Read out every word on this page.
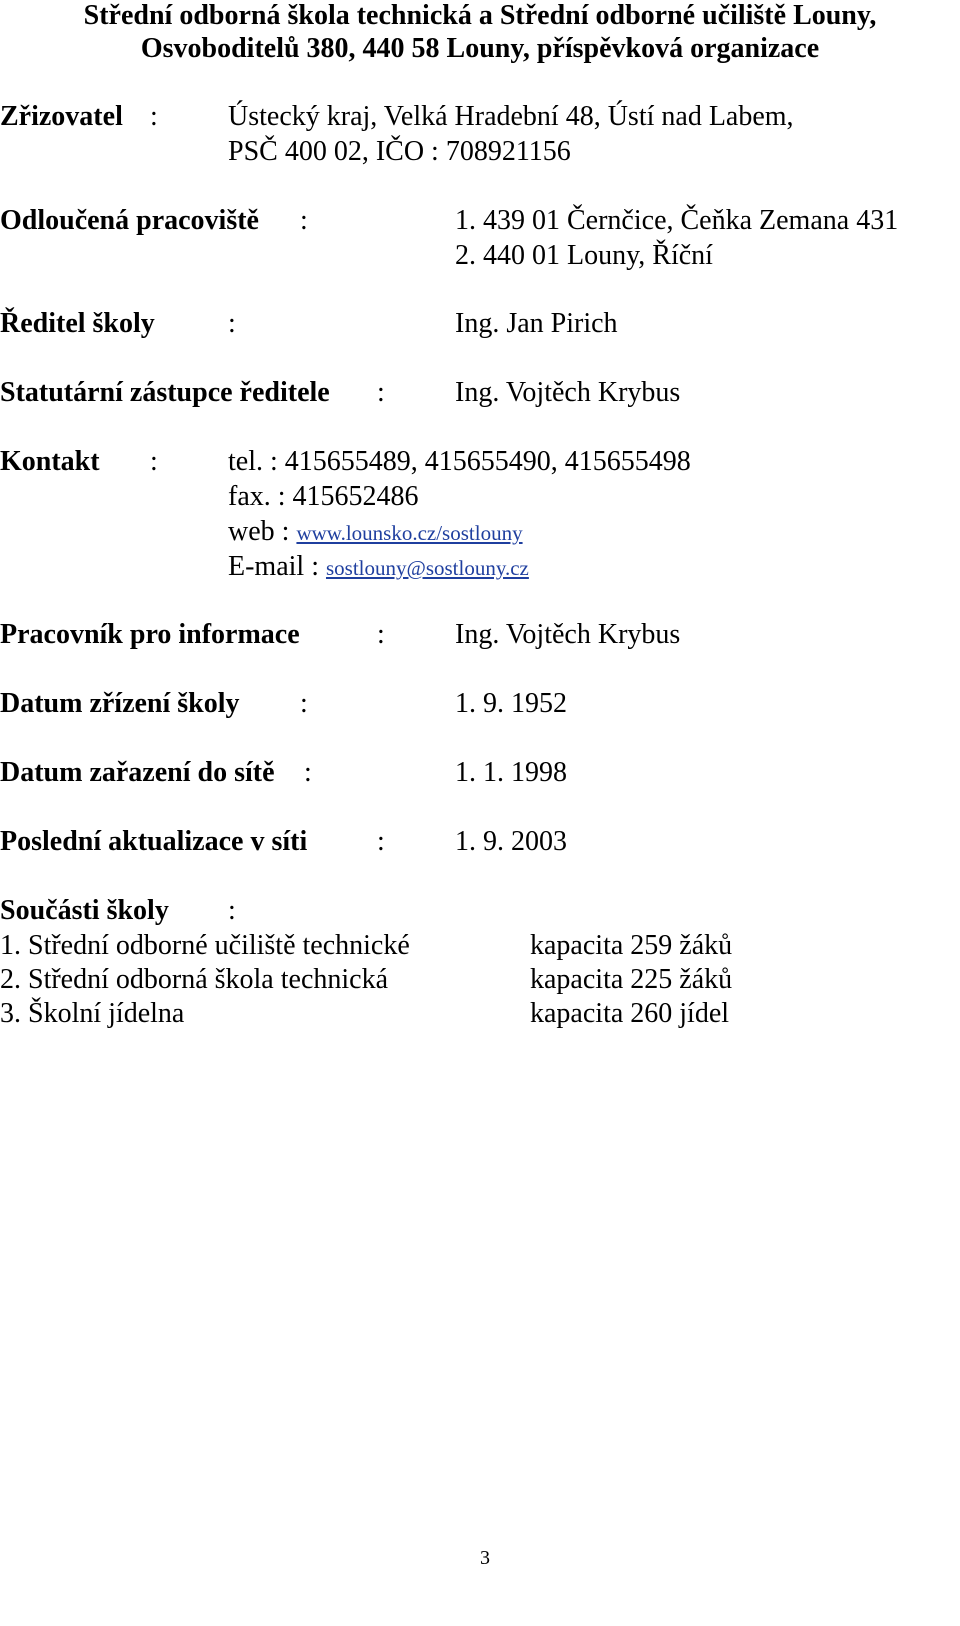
Střední odborná škola technická a Střední odborné učiliště Louny,
Osvoboditelů 380, 440 58 Louny, příspěvková organizace
Zřizovatel :	Ústecký kraj, Velká Hradební 48, Ústí nad Labem,
PSČ 400 02, IČO : 708921156
Odloučená pracoviště :	1. 439 01 Černčice, Čeňka Zemana 431
2. 440 01 Louny, Říční
Ředitel školy	:	Ing. Jan Pirich
Statutární zástupce ředitele :	Ing. Vojtěch Krybus
Kontakt :	tel. : 415655489, 415655490, 415655498
fax. : 415652486
web : www.lounsko.cz/sostlouny
E-mail : sostlouny@sostlouny.cz
Pracovník pro informace	:	Ing. Vojtěch Krybus
Datum zřízení školy :	1. 9. 1952
Datum zařazení do sítě :	1. 1. 1998
Poslední aktualizace v síti :	1. 9. 2003
Součásti školy :
1. Střední odborné učiliště technické	kapacita 259 žáků
2. Střední odborná škola technická	kapacita 225 žáků
3. Školní jídelna	kapacita 260 jídel
3
